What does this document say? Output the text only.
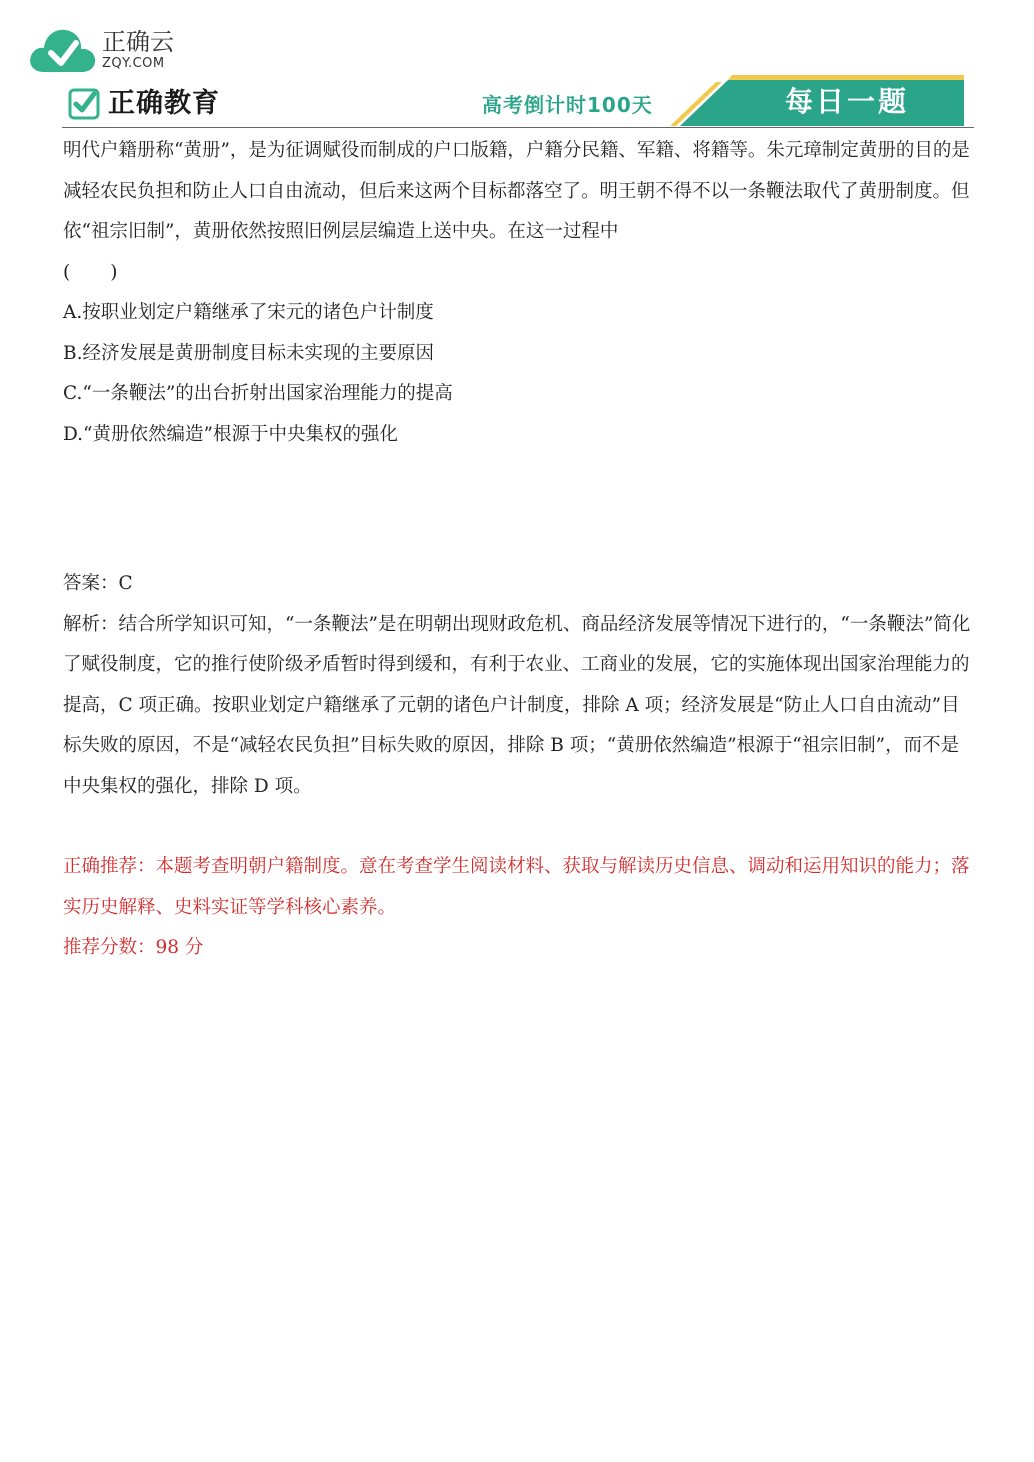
正确云
ZQY.COM
正确教育	高考倒计时100天	每日一题

明代户籍册称“黄册”，是为征调赋役而制成的户口版籍，户籍分民籍、军籍、将籍等。朱元璋制定黄册的目的是减轻农民负担和防止人口自由流动，但后来这两个目标都落空了。明王朝不得不以一条鞭法取代了黄册制度。但依“祖宗旧制”，黄册依然按照旧例层层编造上送中央。在这一过程中

( )

A.按职业划定户籍继承了宋元的诸色户计制度

B.经济发展是黄册制度目标未实现的主要原因

C.“一条鞭法”的出台折射出国家治理能力的提高

D.“黄册依然编造”根源于中央集权的强化

答案：C

解析：结合所学知识可知，“一条鞭法”是在明朝出现财政危机、商品经济发展等情况下进行的，“一条鞭法”简化了赋役制度，它的推行使阶级矛盾暂时得到缓和，有利于农业、工商业的发展，它的实施体现出国家治理能力的提高，C 项正确。按职业划定户籍继承了元朝的诸色户计制度，排除 A 项；经济发展是“防止人口自由流动”目标失败的原因，不是“减轻农民负担”目标失败的原因，排除 B 项；“黄册依然编造”根源于“祖宗旧制”，而不是中央集权的强化，排除 D 项。

正确推荐：本题考查明朝户籍制度。意在考查学生阅读材料、获取与解读历史信息、调动和运用知识的能力；落实历史解释、史料实证等学科核心素养。

推荐分数：98 分
